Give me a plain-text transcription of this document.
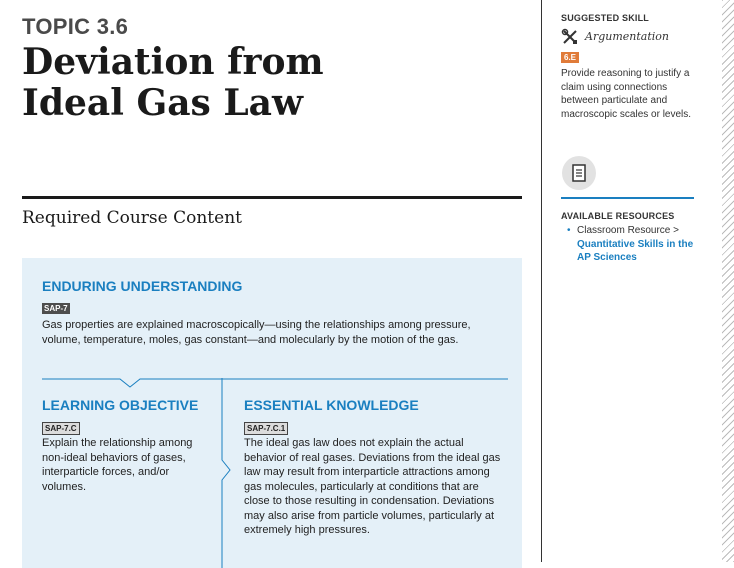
TOPIC 3.6
Deviation from
Ideal Gas Law
Required Course Content
ENDURING UNDERSTANDING
SAP-7
Gas properties are explained macroscopically—using the relationships among pressure, volume, temperature, moles, gas constant—and molecularly by the motion of the gas.
LEARNING OBJECTIVE
SAP-7.C
Explain the relationship among non-ideal behaviors of gases, interparticle forces, and/or volumes.
ESSENTIAL KNOWLEDGE
SAP-7.C.1
The ideal gas law does not explain the actual behavior of real gases. Deviations from the ideal gas law may result from interparticle attractions among gas molecules, particularly at conditions that are close to those resulting in condensation. Deviations may also arise from particle volumes, particularly at extremely high pressures.
SUGGESTED SKILL
Argumentation
6.E
Provide reasoning to justify a claim using connections between particulate and macroscopic scales or levels.
AVAILABLE RESOURCES
• Classroom Resource >
Quantitative Skills in the AP Sciences
